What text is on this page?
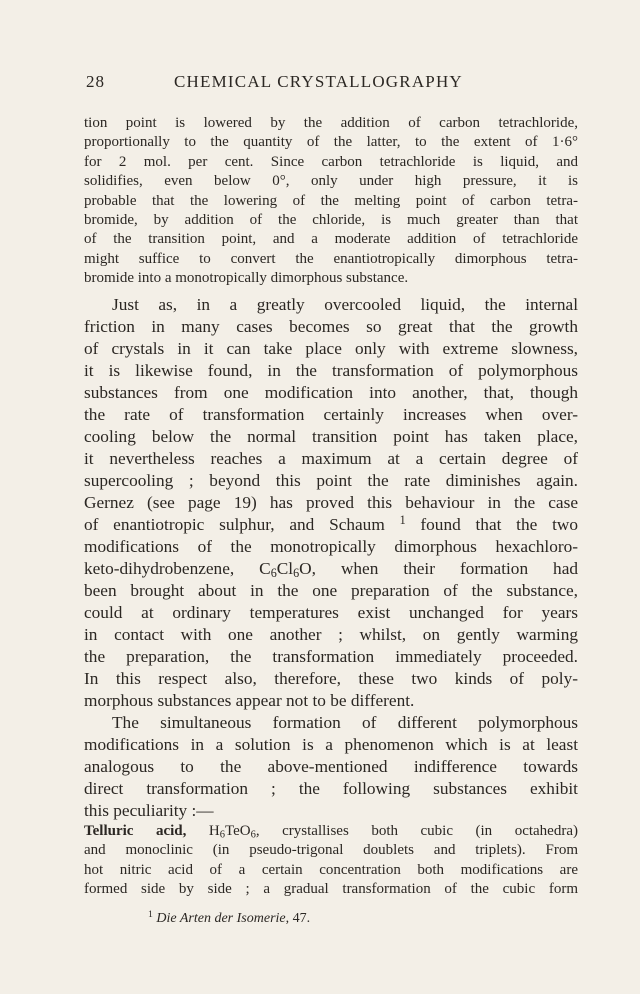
28	CHEMICAL CRYSTALLOGRAPHY
tion point is lowered by the addition of carbon tetrachloride,
proportionally to the quantity of the latter, to the extent of 1·6°
for 2 mol. per cent. Since carbon tetrachloride is liquid, and
solidifies, even below 0°, only under high pressure, it is
probable that the lowering of the melting point of carbon tetra-
bromide, by addition of the chloride, is much greater than that
of the transition point, and a moderate addition of tetrachloride
might suffice to convert the enantiotropically dimorphous tetra-
bromide into a monotropically dimorphous substance.
Just as, in a greatly overcooled liquid, the internal
friction in many cases becomes so great that the growth
of crystals in it can take place only with extreme slowness,
it is likewise found, in the transformation of polymorphous
substances from one modification into another, that, though
the rate of transformation certainly increases when over-
cooling below the normal transition point has taken place,
it nevertheless reaches a maximum at a certain degree of
supercooling ; beyond this point the rate diminishes again.
Gernez (see page 19) has proved this behaviour in the case
of enantiotropic sulphur, and Schaum $^1$ found that the two
modifications of the monotropically dimorphous hexachloro-
keto-dihydrobenzene, $C_6Cl_6O$, when their formation had
been brought about in the one preparation of the substance,
could at ordinary temperatures exist unchanged for years
in contact with one another ; whilst, on gently warming
the preparation, the transformation immediately proceeded.
In this respect also, therefore, these two kinds of poly-
morphous substances appear not to be different.
The simultaneous formation of different polymorphous
modifications in a solution is a phenomenon which is at least
analogous to the above-mentioned indifference towards
direct transformation ; the following substances exhibit
this peculiarity :—
Telluric acid, $H_6TeO_6$, crystallises both cubic (in octahedra)
and monoclinic (in pseudo-trigonal doublets and triplets). From
hot nitric acid of a certain concentration both modifications are
formed side by side ; a gradual transformation of the cubic form
$^1$ Die Arten der Isomerie, 47.
